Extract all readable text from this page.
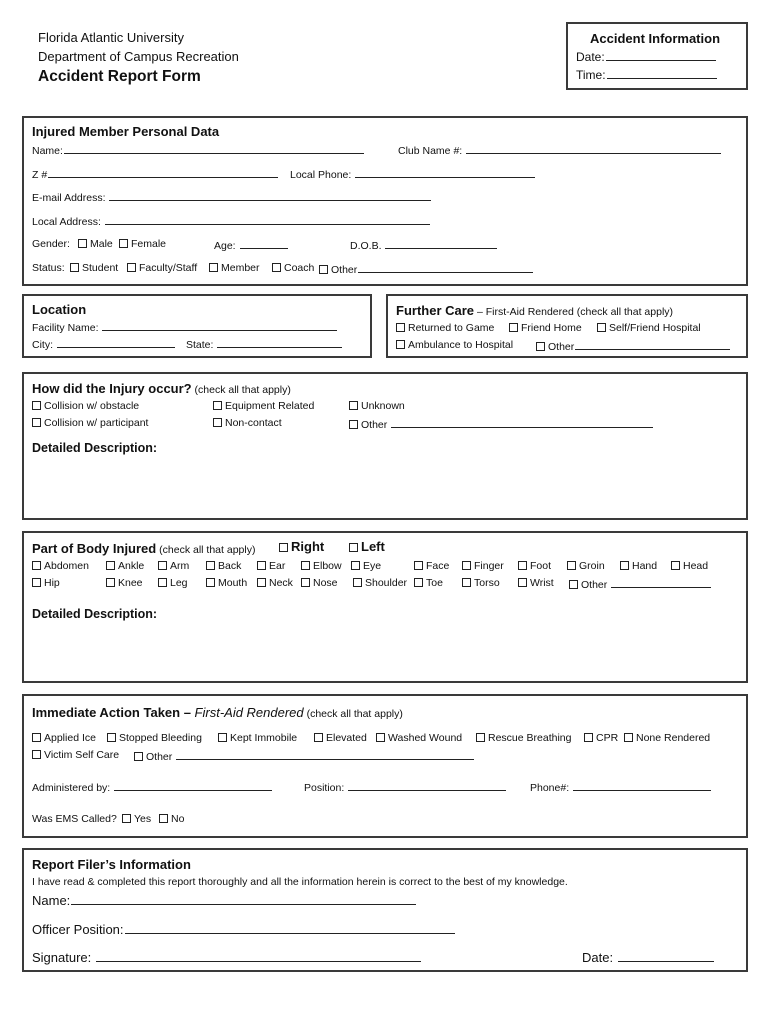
Florida Atlantic University
Department of Campus Recreation
Accident Report Form
Accident Information
Date:
Time:
Injured Member Personal Data
Name:	Club Name #:
Z #	Local Phone:
E-mail Address:
Local Address:
Gender:	Male	Female	Age:	D.O.B.
Status:	Student	Faculty/Staff	Member	Coach	Other
Location
Facility Name:
City:	State:
Further Care – First-Aid Rendered (check all that apply)
Returned to Game	Friend Home	Self/Friend Hospital
Ambulance to Hospital	Other
How did the Injury occur? (check all that apply)
Collision w/ obstacle
Collision w/ participant
Equipment Related
Non-contact
Unknown
Other
Detailed Description:
Part of Body Injured (check all that apply)	Right	Left
Abdomen	Ankle	Arm	Back	Ear	Elbow	Eye	Face	Finger	Foot	Groin	Hand	Head
Hip	Knee	Leg	Mouth	Neck	Nose	Shoulder	Toe	Torso	Wrist	Other
Detailed Description:
Immediate Action Taken – First-Aid Rendered (check all that apply)
Applied Ice	Stopped Bleeding	Kept Immobile	Elevated	Washed Wound	Rescue Breathing	CPR	None Rendered
Victim Self Care	Other
Administered by:	Position:	Phone#:
Was EMS Called?	Yes	No
Report Filer’s Information
I have read & completed this report thoroughly and all the information herein is correct to the best of my knowledge.
Name:
Officer Position:
Signature:	Date:
